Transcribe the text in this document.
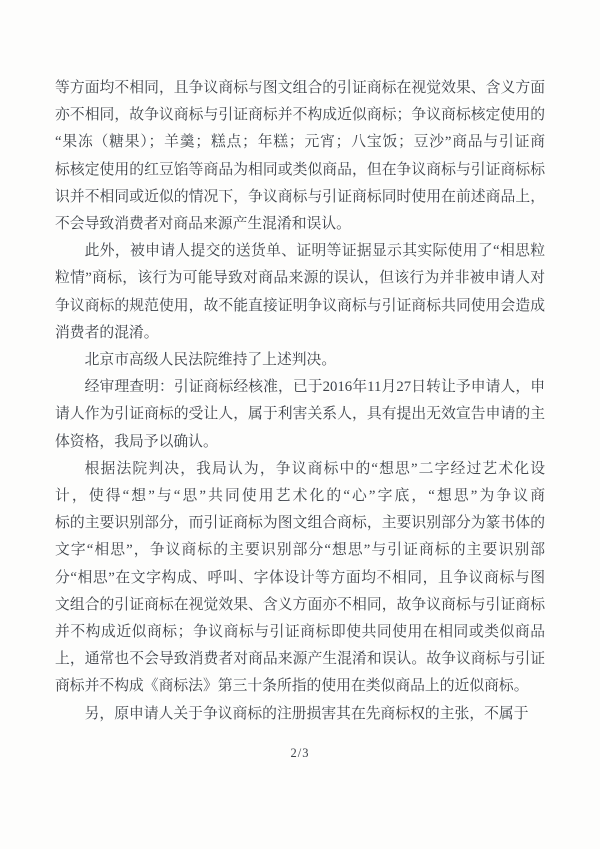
等方面均不相同，且争议商标与图文组合的引证商标在视觉效果、含义方面
亦不相同，故争议商标与引证商标并不构成近似商标；争议商标核定使用的
“果冻（糖果）；羊羹；糕点；年糕；元宵；八宝饭；豆沙”商品与引证商
标核定使用的红豆馅等商品为相同或类似商品，但在争议商标与引证商标标
识并不相同或近似的情况下，争议商标与引证商标同时使用在前述商品上，
不会导致消费者对商品来源产生混淆和误认。
此外，被申请人提交的送货单、证明等证据显示其实际使用了“相思粒
粒情”商标，该行为可能导致对商品来源的误认，但该行为并非被申请人对
争议商标的规范使用，故不能直接证明争议商标与引证商标共同使用会造成
消费者的混淆。
北京市高级人民法院维持了上述判决。
经审理查明：引证商标经核准，已于2016年11月27日转让予申请人，申
请人作为引证商标的受让人，属于利害关系人，具有提出无效宣告申请的主
体资格，我局予以确认。
根据法院判决，我局认为，争议商标中的“想思”二字经过艺术化设
计，使得“想”与“思”共同使用艺术化的“心”字底，“想思”为争议商
标的主要识别部分，而引证商标为图文组合商标，主要识别部分为篆书体的
文字“相思”，争议商标的主要识别部分“想思”与引证商标的主要识别部
分“相思”在文字构成、呼叫、字体设计等方面均不相同，且争议商标与图
文组合的引证商标在视觉效果、含义方面亦不相同，故争议商标与引证商标
并不构成近似商标；争议商标与引证商标即使共同使用在相同或类似商品
上，通常也不会导致消费者对商品来源产生混淆和误认。故争议商标与引证
商标并不构成《商标法》第三十条所指的使用在类似商品上的近似商标。
另，原申请人关于争议商标的注册损害其在先商标权的主张，不属于
2/3
